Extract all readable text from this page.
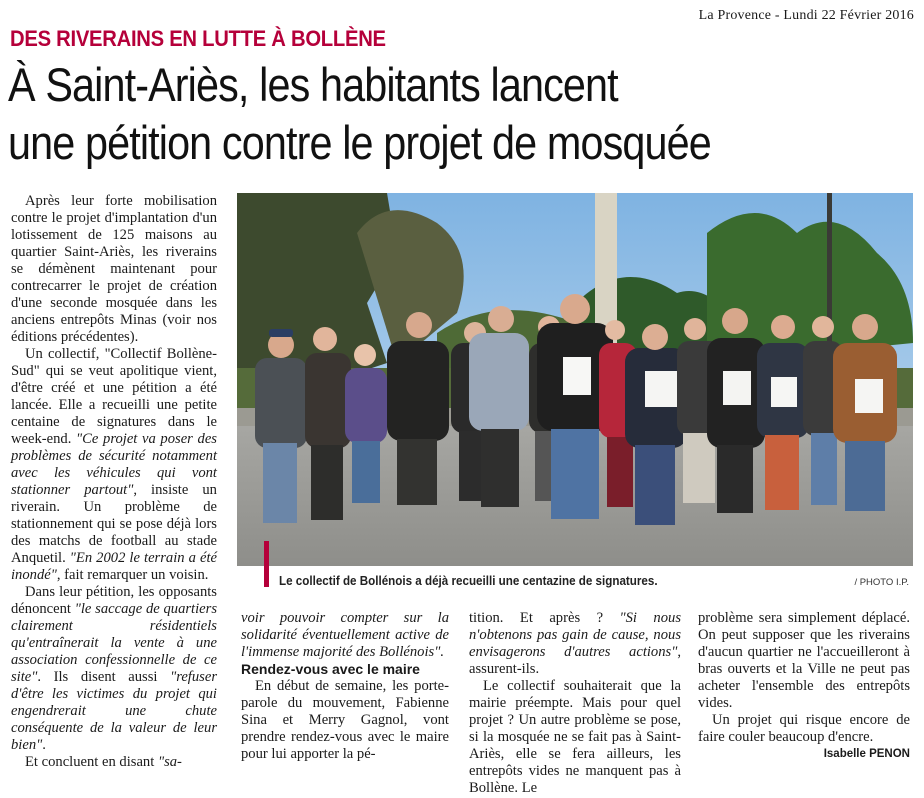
La Provence - Lundi 22 Février 2016
DES RIVERAINS EN LUTTE À BOLLÈNE
À Saint-Ariès, les habitants lancent
une pétition contre le projet de mosquée

Après leur forte mobilisation contre le projet d'implantation d'un lotissement de 125 maisons au quartier Saint-Ariès, les riverains se démènent maintenant pour contrecarrer le projet de création d'une seconde mosquée dans les anciens entrepôts Minas (voir nos éditions précédentes).

Un collectif, "Collectif Bollène-Sud" qui se veut apolitique vient, d'être créé et une pétition a été lancée. Elle a recueilli une petite centaine de signatures dans le week-end. "Ce projet va poser des problèmes de sécurité notamment avec les véhicules qui vont stationner partout", insiste un riverain. Un problème de stationnement qui se pose déjà lors des matchs de football au stade Anquetil. "En 2002 le terrain a été inondé", fait remarquer un voisin.

Dans leur pétition, les opposants dénoncent "le saccage de quartiers clairement résidentiels qu'entraînerait la vente à une association confessionnelle de ce site". Ils disent aussi "refuser d'être les victimes du projet qui engendrerait une chute conséquente de la valeur de leur bien".

Et concluent en disant "sa-

Le collectif de Bollénois a déjà recueilli une centazine de signatures.	/ PHOTO I.P.

voir pouvoir compter sur la solidarité éventuellement active de l'immense majorité des Bollénois".

Rendez-vous avec le maire

En début de semaine, les porte-parole du mouvement, Fabienne Sina et Merry Gagnol, vont prendre rendez-vous avec le maire pour lui apporter la pé-

tition. Et après ? "Si nous n'obtenons pas gain de cause, nous envisagerons d'autres actions", assurent-ils.

Le collectif souhaiterait que la mairie préempte. Mais pour quel projet ? Un autre problème se pose, si la mosquée ne se fait pas à Saint-Ariès, elle se fera ailleurs, les entrepôts vides ne manquent pas à Bollène. Le

problème sera simplement déplacé. On peut supposer que les riverains d'aucun quartier ne l'accueilleront à bras ouverts et la Ville ne peut pas acheter l'ensemble des entrepôts vides.

Un projet qui risque encore de faire couler beaucoup d'encre.

Isabelle PENON
